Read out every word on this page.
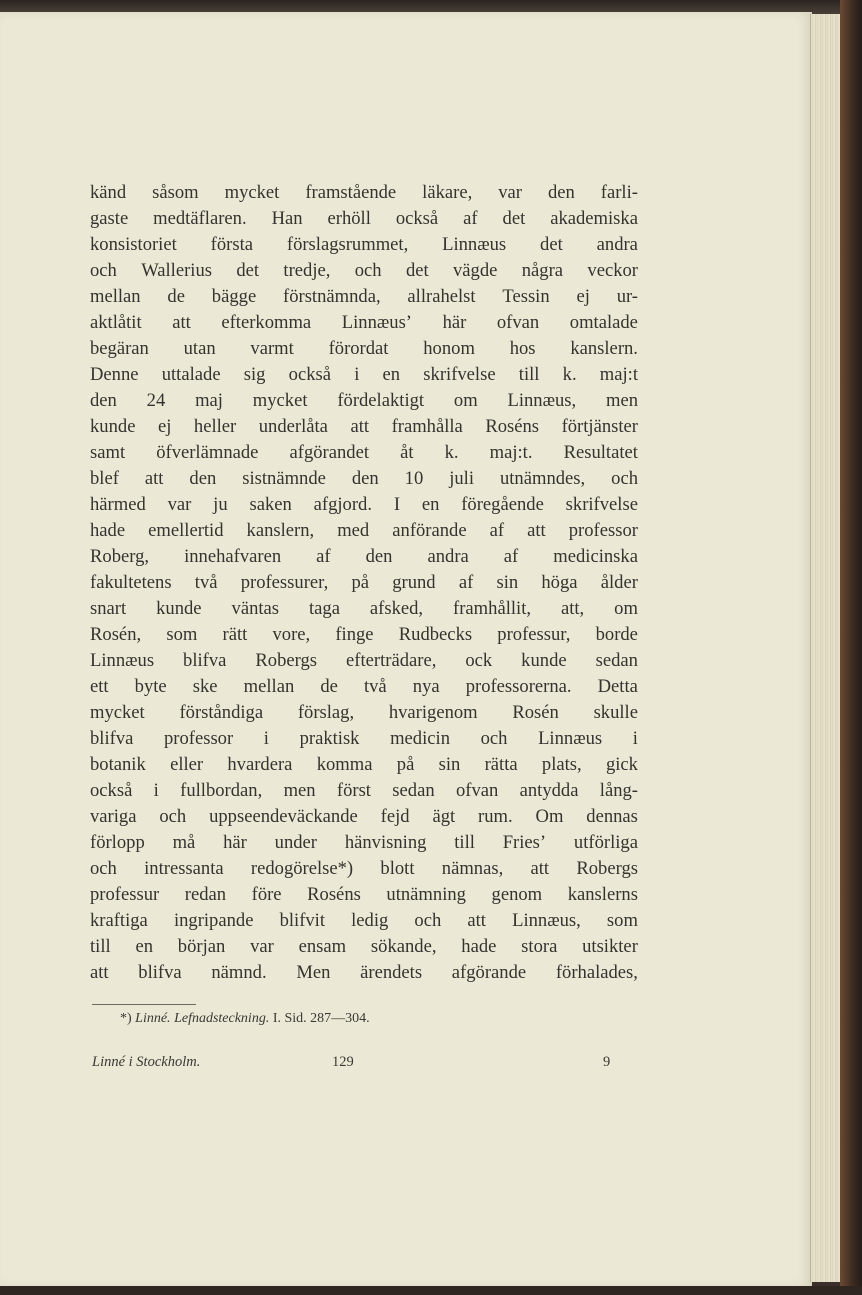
känd såsom mycket framstående läkare, var den farli-
gaste medtäflaren. Han erhöll också af det akademiska
konsistoriet första förslagsrummet, Linnæus det andra
och Wallerius det tredje, och det vägde några veckor
mellan de bägge förstnämnda, allrahelst Tessin ej ur-
aktlåtit att efterkomma Linnæus’ här ofvan omtalade
begäran utan varmt förordat honom hos kanslern.
Denne uttalade sig också i en skrifvelse till k. maj:t
den 24 maj mycket fördelaktigt om Linnæus, men
kunde ej heller underlåta att framhålla Roséns förtjänster
samt öfverlämnade afgörandet åt k. maj:t. Resultatet
blef att den sistnämnde den 10 juli utnämndes, och
härmed var ju saken afgjord. I en föregående skrifvelse
hade emellertid kanslern, med anförande af att professor
Roberg, innehafvaren af den andra af medicinska
fakultetens två professurer, på grund af sin höga ålder
snart kunde väntas taga afsked, framhållit, att, om
Rosén, som rätt vore, finge Rudbecks professur, borde
Linnæus blifva Robergs efterträdare, ock kunde sedan
ett byte ske mellan de två nya professorerna. Detta
mycket förståndiga förslag, hvarigenom Rosén skulle
blifva professor i praktisk medicin och Linnæus i
botanik eller hvardera komma på sin rätta plats, gick
också i fullbordan, men först sedan ofvan antydda lång-
variga och uppseendeväckande fejd ägt rum. Om dennas
förlopp må här under hänvisning till Fries’ utförliga
och intressanta redogörelse*) blott nämnas, att Robergs
professur redan före Roséns utnämning genom kanslerns
kraftiga ingripande blifvit ledig och att Linnæus, som
till en början var ensam sökande, hade stora utsikter
att blifva nämnd. Men ärendets afgörande förhalades,
*) Linné. Lefnadsteckning. I. Sid. 287—304.
Linné i Stockholm.	129	9
